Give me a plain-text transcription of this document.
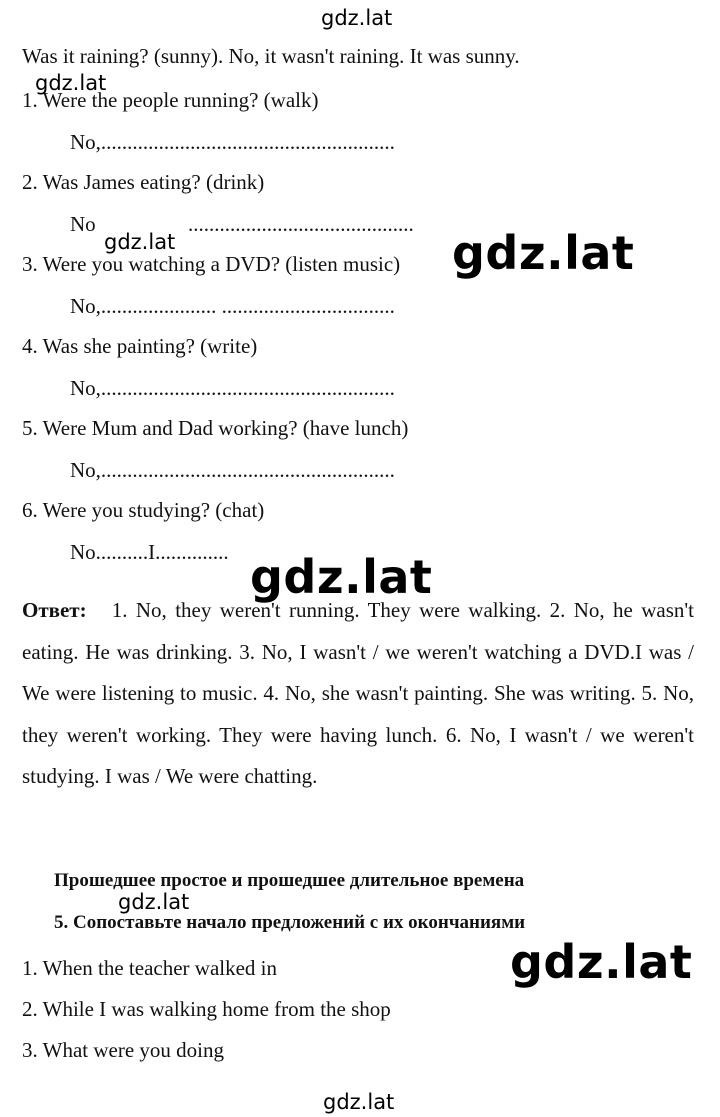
gdz.lat
Was it raining? (sunny). No, it wasn't raining. It was sunny.
gdz.lat
1. Were the people running? (walk)
No,........................................................
2. Was James eating? (drink)
No	...........................................
gdz.lat	gdz.lat
3. Were you watching a DVD? (listen music)
No,...................... .................................
4. Was she painting? (write)
No,........................................................
5. Were Mum and Dad working? (have lunch)
No,........................................................
6. Were you studying? (chat)
No..........I.............. gdz.lat
Ответ: 1. No, they weren't running. They were walking. 2. No, he wasn't eating. He was drinking. 3. No, I wasn't / we weren't watching a DVD.I was / We were listening to music. 4. No, she wasn't painting. She was writing. 5. No, they weren't working. They were having lunch. 6. No, I wasn't / we weren't studying. I was / We were chatting.
Прошедшее простое и прошедшее длительное времена
gdz.lat
5. Сопоставьте начало предложений с их окончаниями
gdz.lat
1. When the teacher walked in
2. While I was walking home from the shop
3. What were you doing
gdz.lat
